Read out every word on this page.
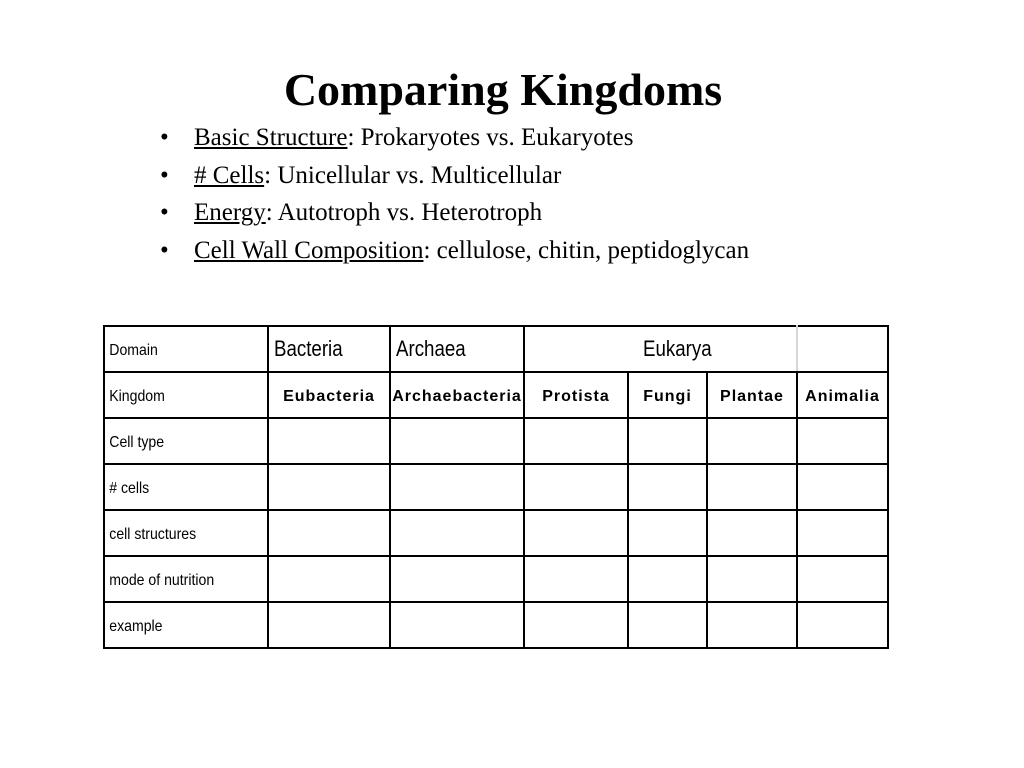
Comparing Kingdoms
• Basic Structure: Prokaryotes vs. Eukaryotes
• # Cells: Unicellular vs. Multicellular
• Energy: Autotroph vs. Heterotroph
• Cell Wall Composition: cellulose, chitin, peptidoglycan
Domain	Bacteria	Archaea	Eukarya			
Kingdom	Eubacteria	Archaebacteria	Protista	Fungi	Plantae	Animalia
Cell type						
# cells						
cell structures						
mode of nutrition						
example						
